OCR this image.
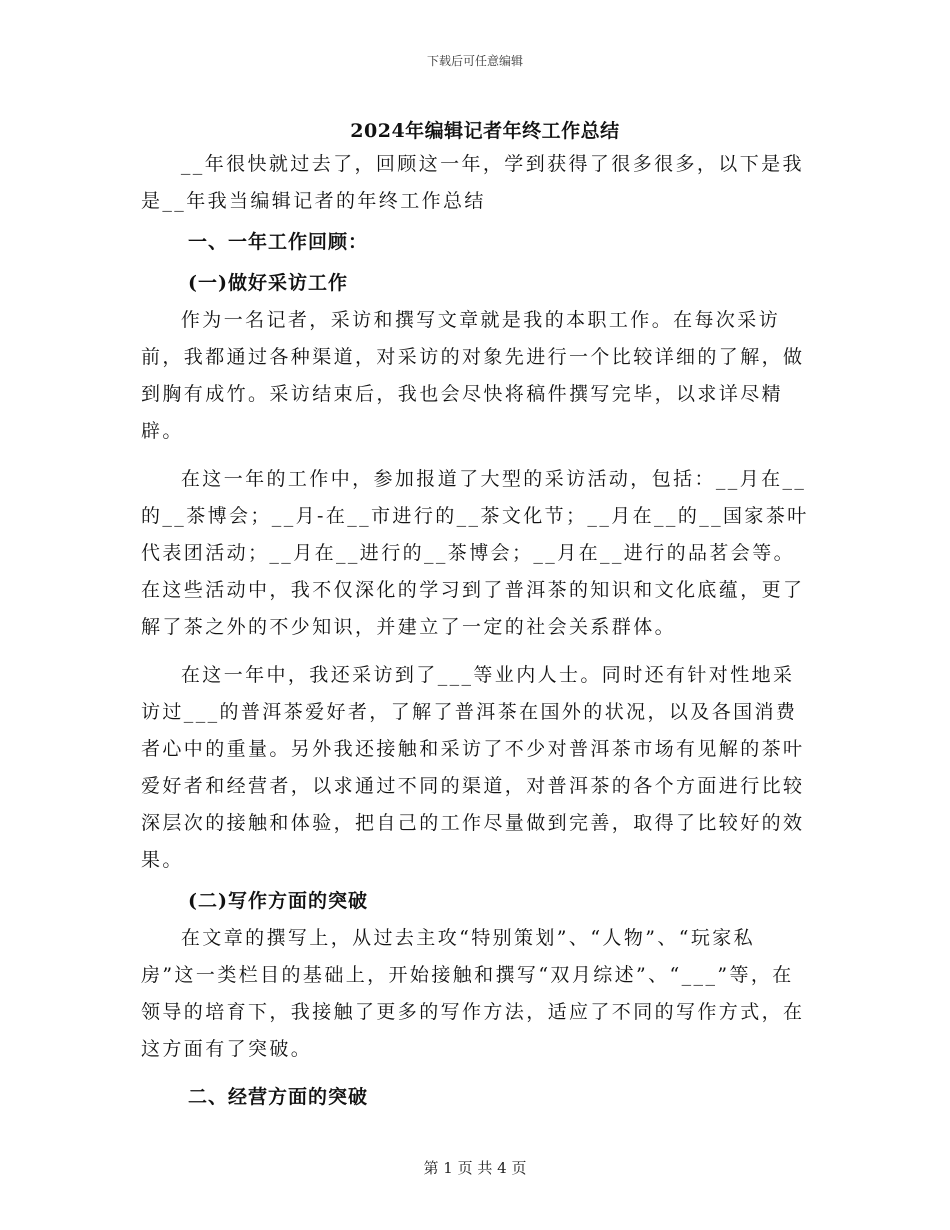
下载后可任意编辑
2024年编辑记者年终工作总结

__年很快就过去了，回顾这一年，学到获得了很多很多，以下是我是__年我当编辑记者的年终工作总结

一、一年工作回顾：

(一)做好采访工作

作为一名记者，采访和撰写文章就是我的本职工作。在每次采访前，我都通过各种渠道，对采访的对象先进行一个比较详细的了解，做到胸有成竹。采访结束后，我也会尽快将稿件撰写完毕，以求详尽精辟。

在这一年的工作中，参加报道了大型的采访活动，包括：__月在__的__茶博会；__月-在__市进行的__茶文化节；__月在__的__国家茶叶代表团活动；__月在__进行的__茶博会；__月在__进行的品茗会等。在这些活动中，我不仅深化的学习到了普洱茶的知识和文化底蕴，更了解了茶之外的不少知识，并建立了一定的社会关系群体。

在这一年中，我还采访到了___等业内人士。同时还有针对性地采访过___的普洱茶爱好者，了解了普洱茶在国外的状况，以及各国消费者心中的重量。另外我还接触和采访了不少对普洱茶市场有见解的茶叶爱好者和经营者，以求通过不同的渠道，对普洱茶的各个方面进行比较深层次的接触和体验，把自己的工作尽量做到完善，取得了比较好的效果。

(二)写作方面的突破

在文章的撰写上，从过去主攻“特别策划”、“人物”、“玩家私房”这一类栏目的基础上，开始接触和撰写“双月综述”、“___”等，在领导的培育下，我接触了更多的写作方法，适应了不同的写作方式，在这方面有了突破。

二、经营方面的突破

第 1 页 共 4 页
